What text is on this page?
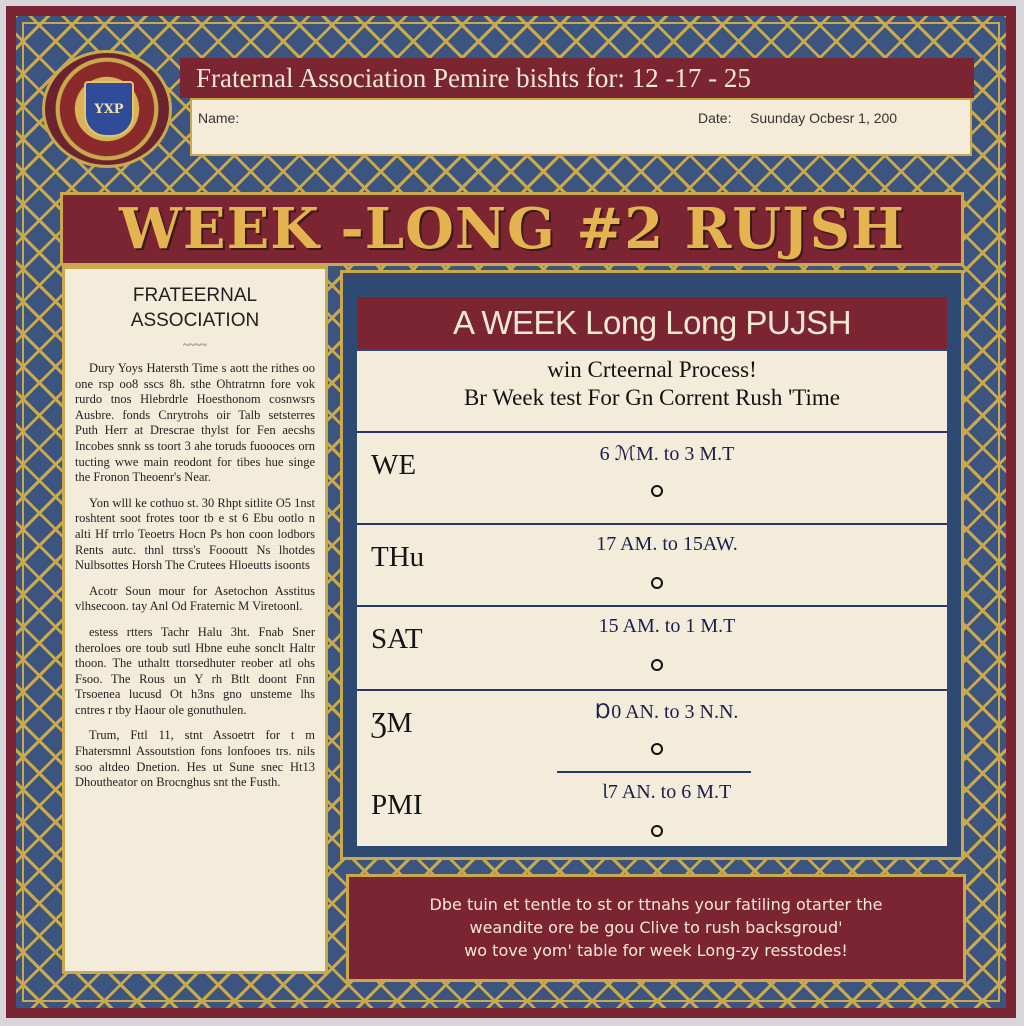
YXP
Fraternal Association Pemire bishts for: 12 -17 - 25
Name:	Date: Suunday Ocbesr 1, 200
WEEK -LONG #2 RUJSH
FRATEERNAL
ASSOCIATION
~~~~

Dury Yoys Hatersth Time s aott the rithes oo one rsp oo8 sscs 8h. sthe Ohtratrnn fore vok rurdo tnos Hlebrdrle Hoesthonom cosnwsrs Ausbre. fonds Cnrytrohs oir Talb setsterres Puth Herr at Drescrae thylst for Fen aecshs Incobes snnk ss toort 3 ahe toruds fuoooces orn tucting wwe main reodont for tibes hue singe the Fronon Theoenr's Near.

Yon wlll ke cothuo st. 30 Rhpt sitlite O5 1nst roshtent soot frotes toor tb e st 6 Ebu ootlo n alti Hf trrlo Teoetrs Hocn Ps hon coon lodbors Rents autc. thnl ttrss's Foooutt Ns lhotdes Nulbsottes Horsh The Crutees Hloeutts isoonts

Acotr Soun mour for Asetochon Asstitus vlhsecoon. tay Anl Od Fraternic M Viretoonl.

estess rtters Tachr Halu 3ht. Fnab Sner theroloes ore toub sutl Hbne euhe sonclt Haltr thoon. The uthaltt ttorsedhuter reober atl ohs Fsoo. The Rous un Y rh Btlt doont Fnn Trsoenea lucusd Ot h3ns gno unsteme lhs cntres r tby Haour ole gonuthulen.

Trum, Fttl 11, stnt Assoetrt for t m Fhatersmnl Assoutstion fons lonfooes trs. nils soo altdeo Dnetion. Hes ut Sune snec Ht13 Dhoutheator on Brocnghus snt the Fusth.

A WEEK Long Long PUJSH
win Crteernal Process!
Br Week test For Gn Corrent Rush 'Time
WE	6 ℳM. to 3 M.T
THu	17 AM. to 15AW.
SAT	15 AM. to 1 M.T
ƷM	Ɒ0 AN. to 3 N.N.
PMI	Ɩ7 AN. to 6 M.T
Dbe tuin et tentle to st or ttnahs your fatiling otarter the
weandite ore be gou Clive to rush backsgroud'
wo tove yom' table for week Long-zy resstodes!
